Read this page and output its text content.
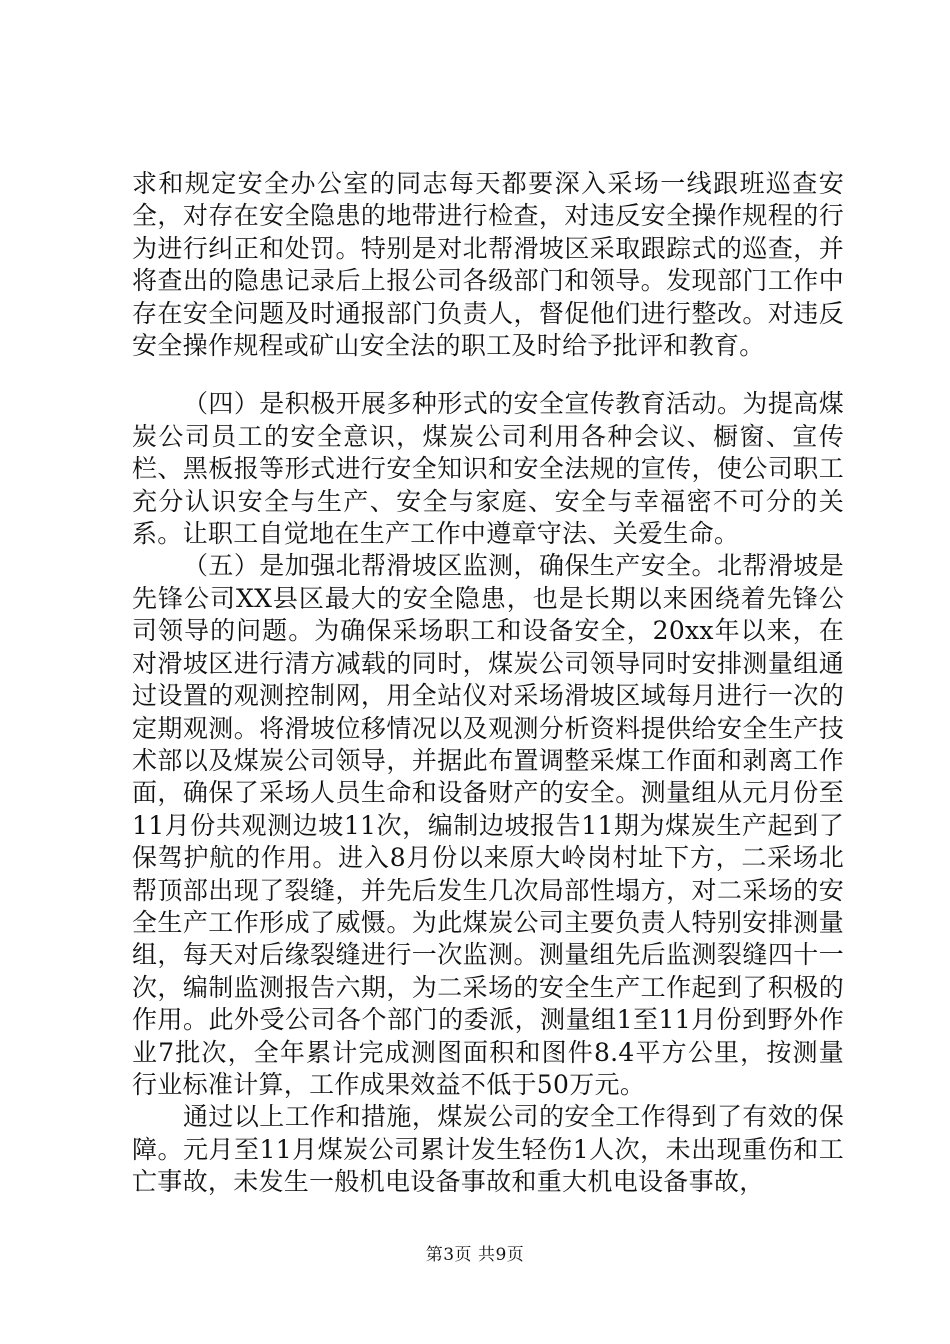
求和规定安全办公室的同志每天都要深入采场一线跟班巡查安全，对存在安全隐患的地带进行检查，对违反安全操作规程的行为进行纠正和处罚。特别是对北帮滑坡区采取跟踪式的巡查，并将查出的隐患记录后上报公司各级部门和领导。发现部门工作中存在安全问题及时通报部门负责人，督促他们进行整改。对违反安全操作规程或矿山安全法的职工及时给予批评和教育。

（四）是积极开展多种形式的安全宣传教育活动。为提高煤炭公司员工的安全意识，煤炭公司利用各种会议、橱窗、宣传栏、黑板报等形式进行安全知识和安全法规的宣传，使公司职工充分认识安全与生产、安全与家庭、安全与幸福密不可分的关系。让职工自觉地在生产工作中遵章守法、关爱生命。

（五）是加强北帮滑坡区监测，确保生产安全。北帮滑坡是先锋公司XX县区最大的安全隐患，也是长期以来困绕着先锋公司领导的问题。为确保采场职工和设备安全，20xx年以来，在对滑坡区进行清方减载的同时，煤炭公司领导同时安排测量组通过设置的观测控制网，用全站仪对采场滑坡区域每月进行一次的定期观测。将滑坡位移情况以及观测分析资料提供给安全生产技术部以及煤炭公司领导，并据此布置调整采煤工作面和剥离工作面，确保了采场人员生命和设备财产的安全。测量组从元月份至11月份共观测边坡11次，编制边坡报告11期为煤炭生产起到了保驾护航的作用。进入8月份以来原大岭岗村址下方，二采场北帮顶部出现了裂缝，并先后发生几次局部性塌方，对二采场的安全生产工作形成了威慑。为此煤炭公司主要负责人特别安排测量组，每天对后缘裂缝进行一次监测。测量组先后监测裂缝四十一次，编制监测报告六期，为二采场的安全生产工作起到了积极的作用。此外受公司各个部门的委派，测量组1至11月份到野外作业7批次，全年累计完成测图面积和图件8.4平方公里，按测量行业标准计算，工作成果效益不低于50万元。

通过以上工作和措施，煤炭公司的安全工作得到了有效的保障。元月至11月煤炭公司累计发生轻伤1人次，未出现重伤和工亡事故，未发生一般机电设备事故和重大机电设备事故，

第3页 共9页
